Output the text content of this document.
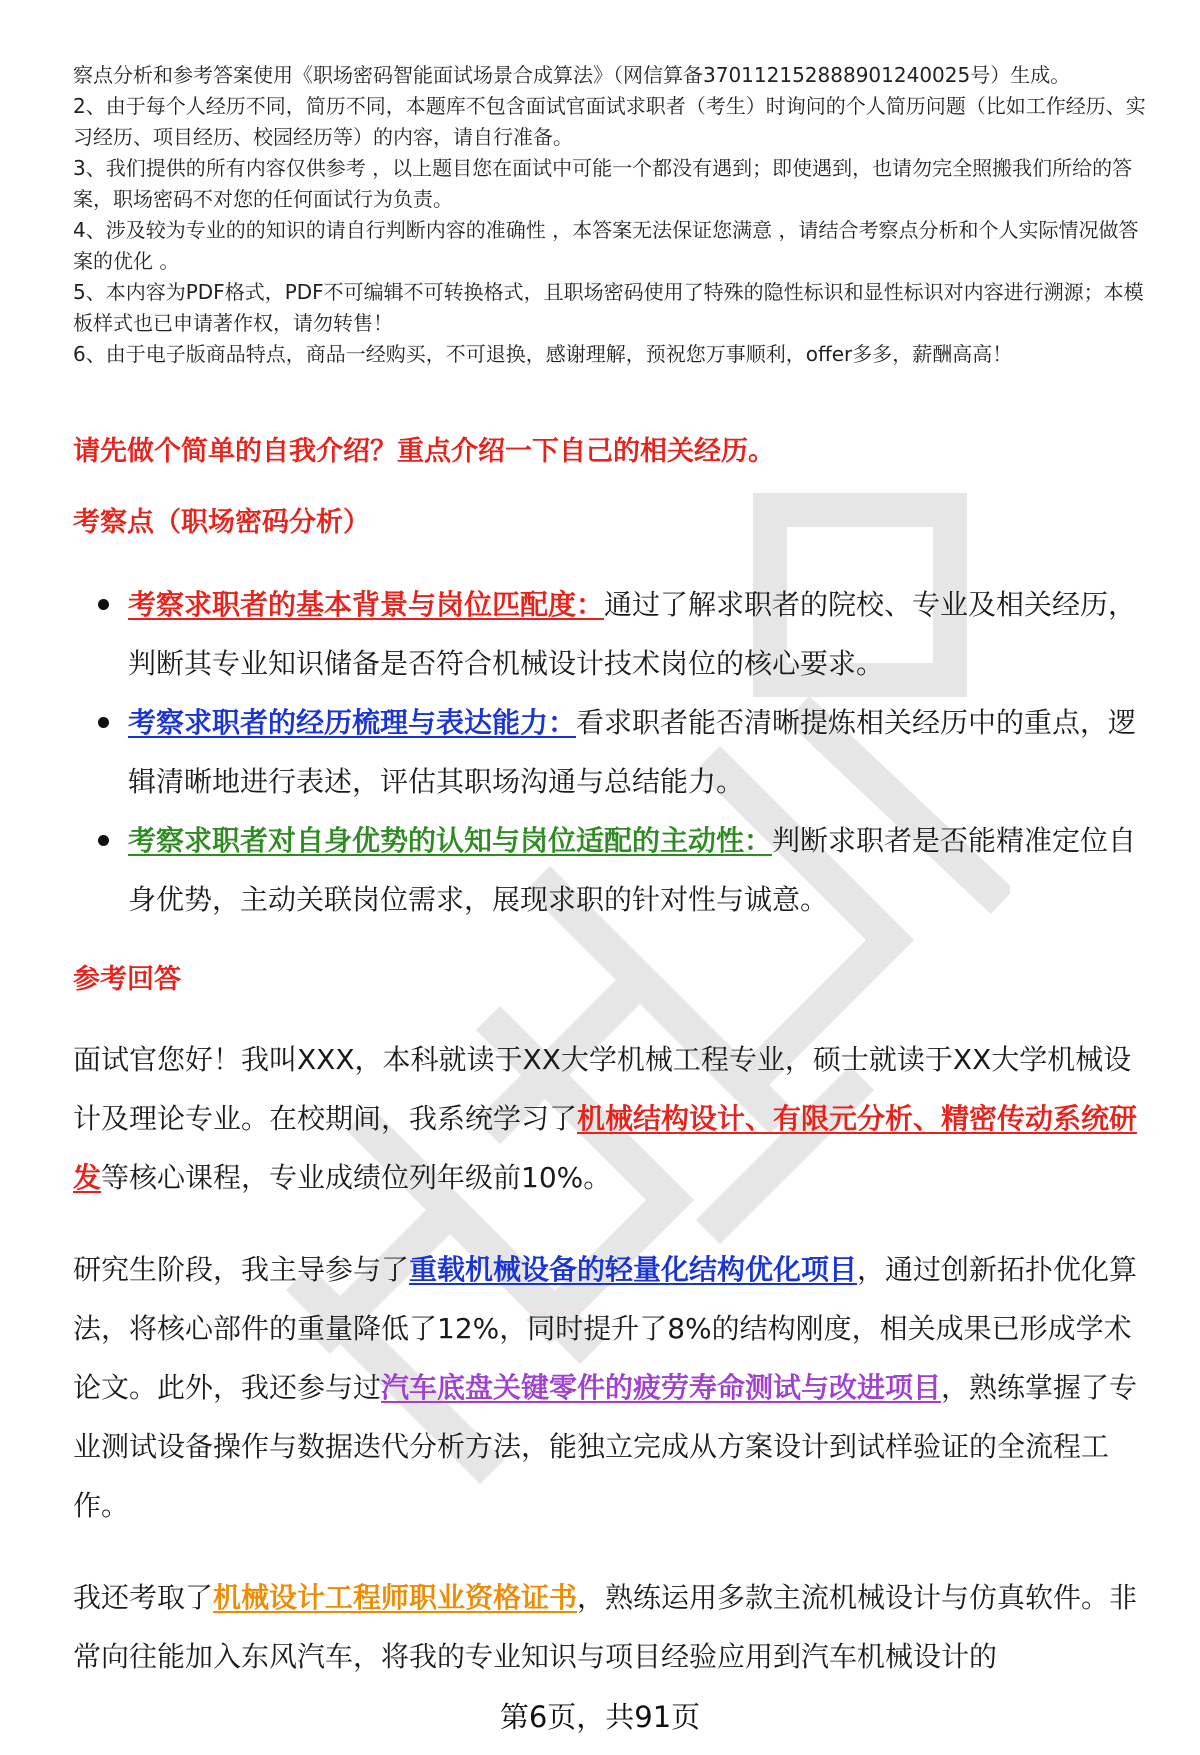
察点分析和参考答案使用《职场密码智能面试场景合成算法》（网信算备370112152888901240025号）生成。

2、由于每个人经历不同，简历不同，本题库不包含面试官面试求职者（考生）时询问的个人简历问题（比如工作经历、实习经历、项目经历、校园经历等）的内容，请自行准备。

3、我们提供的所有内容仅供参考 ，以上题目您在面试中可能一个都没有遇到；即使遇到，也请勿完全照搬我们所给的答案，职场密码不对您的任何面试行为负责。

4、涉及较为专业的的知识的请自行判断内容的准确性 ，本答案无法保证您满意 ，请结合考察点分析和个人实际情况做答案的优化 。

5、本内容为PDF格式，PDF不可编辑不可转换格式，且职场密码使用了特殊的隐性标识和显性标识对内容进行溯源；本模板样式也已申请著作权，请勿转售！

6、由于电子版商品特点，商品一经购买，不可退换，感谢理解，预祝您万事顺利，offer多多，薪酬高高！

请先做个简单的自我介绍？重点介绍一下自己的相关经历。
考察点（职场密码分析）
考察求职者的基本背景与岗位匹配度：通过了解求职者的院校、专业及相关经历，判断其专业知识储备是否符合机械设计技术岗位的核心要求。
考察求职者的经历梳理与表达能力：看求职者能否清晰提炼相关经历中的重点，逻辑清晰地进行表述，评估其职场沟通与总结能力。
考察求职者对自身优势的认知与岗位适配的主动性：判断求职者是否能精准定位自身优势，主动关联岗位需求，展现求职的针对性与诚意。
参考回答

面试官您好！我叫XXX，本科就读于XX大学机械工程专业，硕士就读于XX大学机械设计及理论专业。在校期间，我系统学习了机械结构设计、有限元分析、精密传动系统研发等核心课程，专业成绩位列年级前10%。

研究生阶段，我主导参与了重载机械设备的轻量化结构优化项目，通过创新拓扑优化算法，将核心部件的重量降低了12%，同时提升了8%的结构刚度，相关成果已形成学术论文。此外，我还参与过汽车底盘关键零件的疲劳寿命测试与改进项目，熟练掌握了专业测试设备操作与数据迭代分析方法，能独立完成从方案设计到试样验证的全流程工作。

我还考取了机械设计工程师职业资格证书，熟练运用多款主流机械设计与仿真软件。非常向往能加入东风汽车，将我的专业知识与项目经验应用到汽车机械设计的

第6页，共91页
